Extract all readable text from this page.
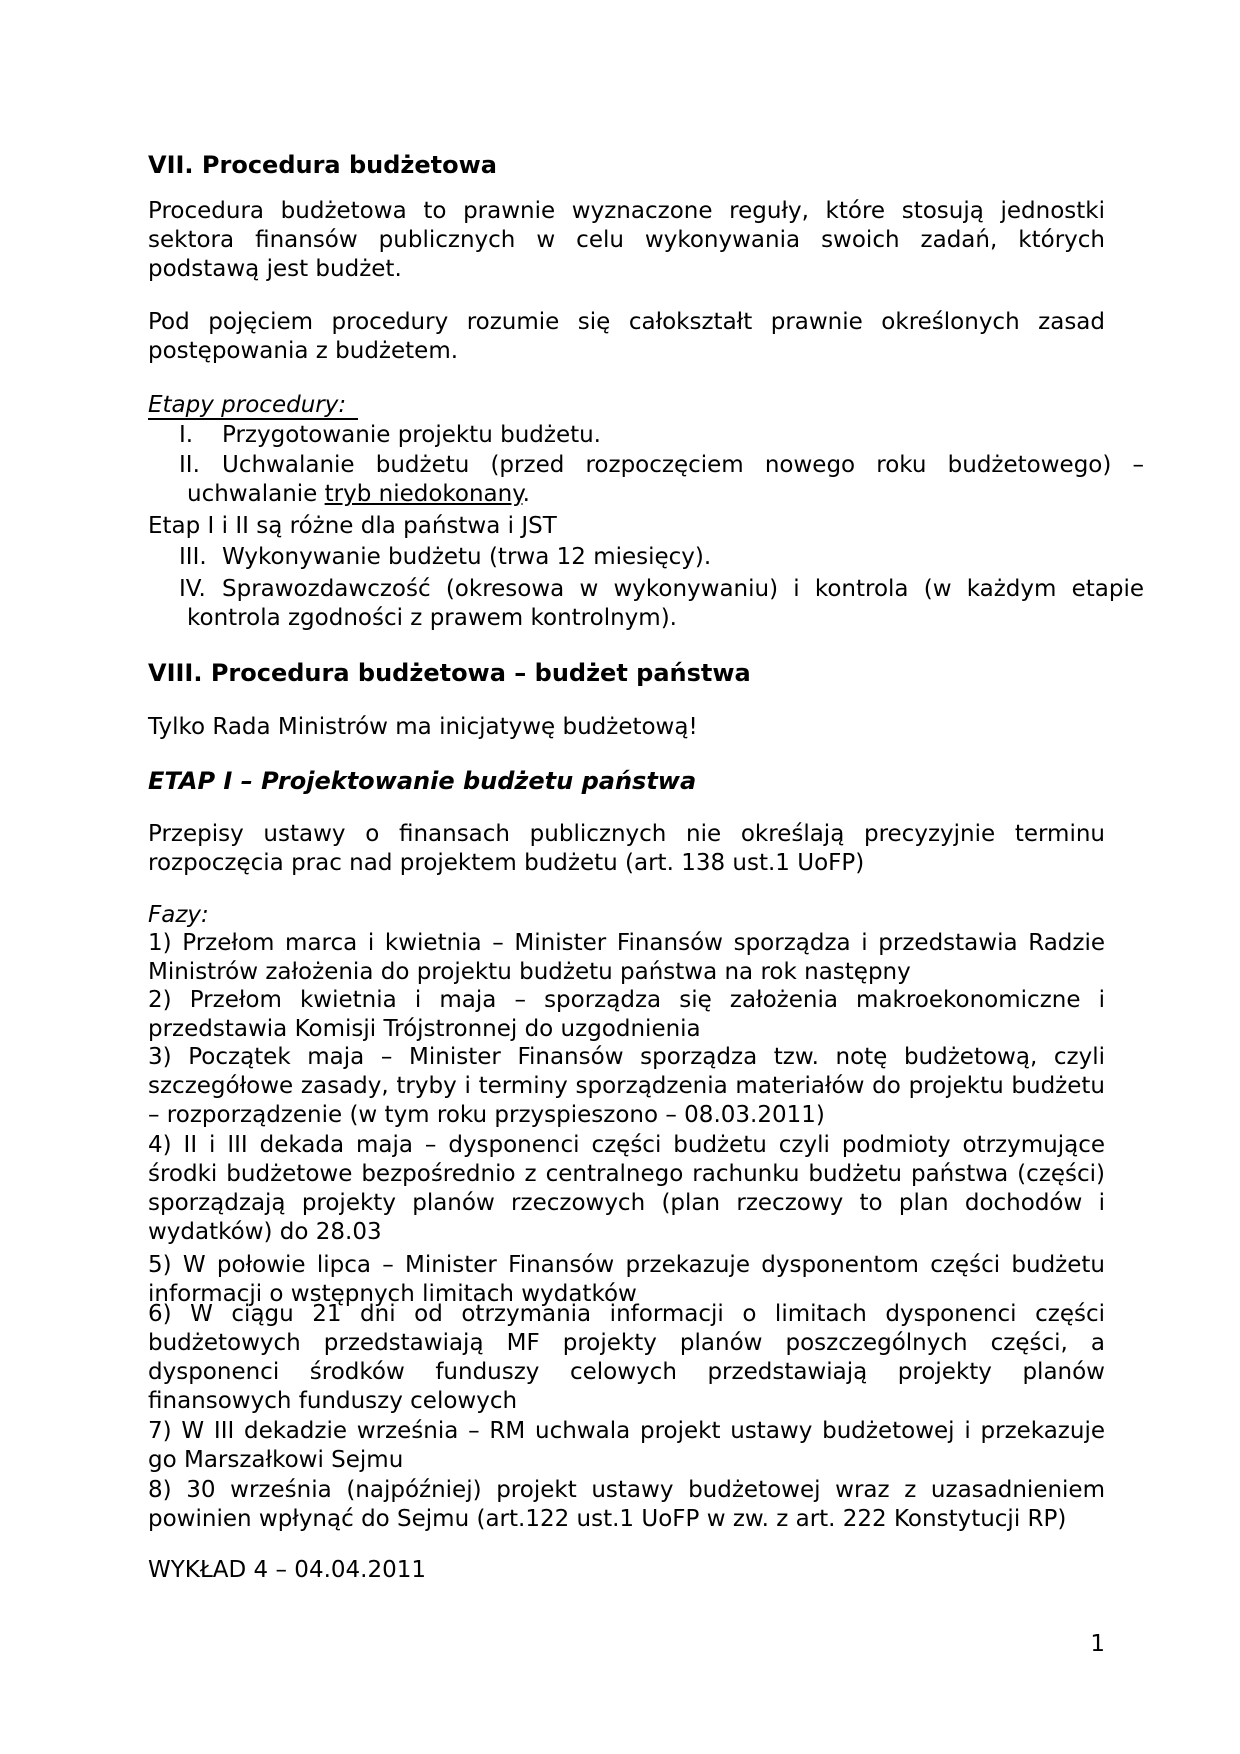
VII. Procedura budżetowa
Procedura budżetowa to prawnie wyznaczone reguły, które stosują jednostki sektora finansów publicznych w celu wykonywania swoich zadań, których podstawą jest budżet.
Pod pojęciem procedury rozumie się całokształt prawnie określonych zasad postępowania z budżetem.
Etapy procedury:
I. Przygotowanie projektu budżetu.
II. Uchwalanie budżetu (przed rozpoczęciem nowego roku budżetowego) – uchwalanie tryb niedokonany.
Etap I i II są różne dla państwa i JST
III. Wykonywanie budżetu (trwa 12 miesięcy).
IV. Sprawozdawczość (okresowa w wykonywaniu) i kontrola (w każdym etapie kontrola zgodności z prawem kontrolnym).
VIII. Procedura budżetowa – budżet państwa
Tylko Rada Ministrów ma inicjatywę budżetową!
ETAP I – Projektowanie budżetu państwa
Przepisy ustawy o finansach publicznych nie określają precyzyjnie terminu rozpoczęcia prac nad projektem budżetu (art. 138 ust.1 UoFP)
Fazy:
1) Przełom marca i kwietnia – Minister Finansów sporządza i przedstawia Radzie Ministrów założenia do projektu budżetu państwa na rok następny
2) Przełom kwietnia i maja – sporządza się założenia makroekonomiczne i przedstawia Komisji Trójstronnej do uzgodnienia
3) Początek maja – Minister Finansów sporządza tzw. notę budżetową, czyli szczegółowe zasady, tryby i terminy sporządzenia materiałów do projektu budżetu – rozporządzenie (w tym roku przyspieszono – 08.03.2011)
4) II i III dekada maja – dysponenci części budżetu czyli podmioty otrzymujące środki budżetowe bezpośrednio z centralnego rachunku budżetu państwa (części) sporządzają projekty planów rzeczowych (plan rzeczowy to plan dochodów i wydatków) do 28.03
5) W połowie lipca – Minister Finansów przekazuje dysponentom części budżetu informacji o wstępnych limitach wydatków
6) W ciągu 21 dni od otrzymania informacji o limitach dysponenci części budżetowych przedstawiają MF projekty planów poszczególnych części, a dysponenci środków funduszy celowych przedstawiają projekty planów finansowych funduszy celowych
7) W III dekadzie września – RM uchwala projekt ustawy budżetowej i przekazuje go Marszałkowi Sejmu
8) 30 września (najpóźniej) projekt ustawy budżetowej wraz z uzasadnieniem powinien wpłynąć do Sejmu (art.122 ust.1 UoFP w zw. z art. 222 Konstytucji RP)
WYKŁAD 4 – 04.04.2011
1
